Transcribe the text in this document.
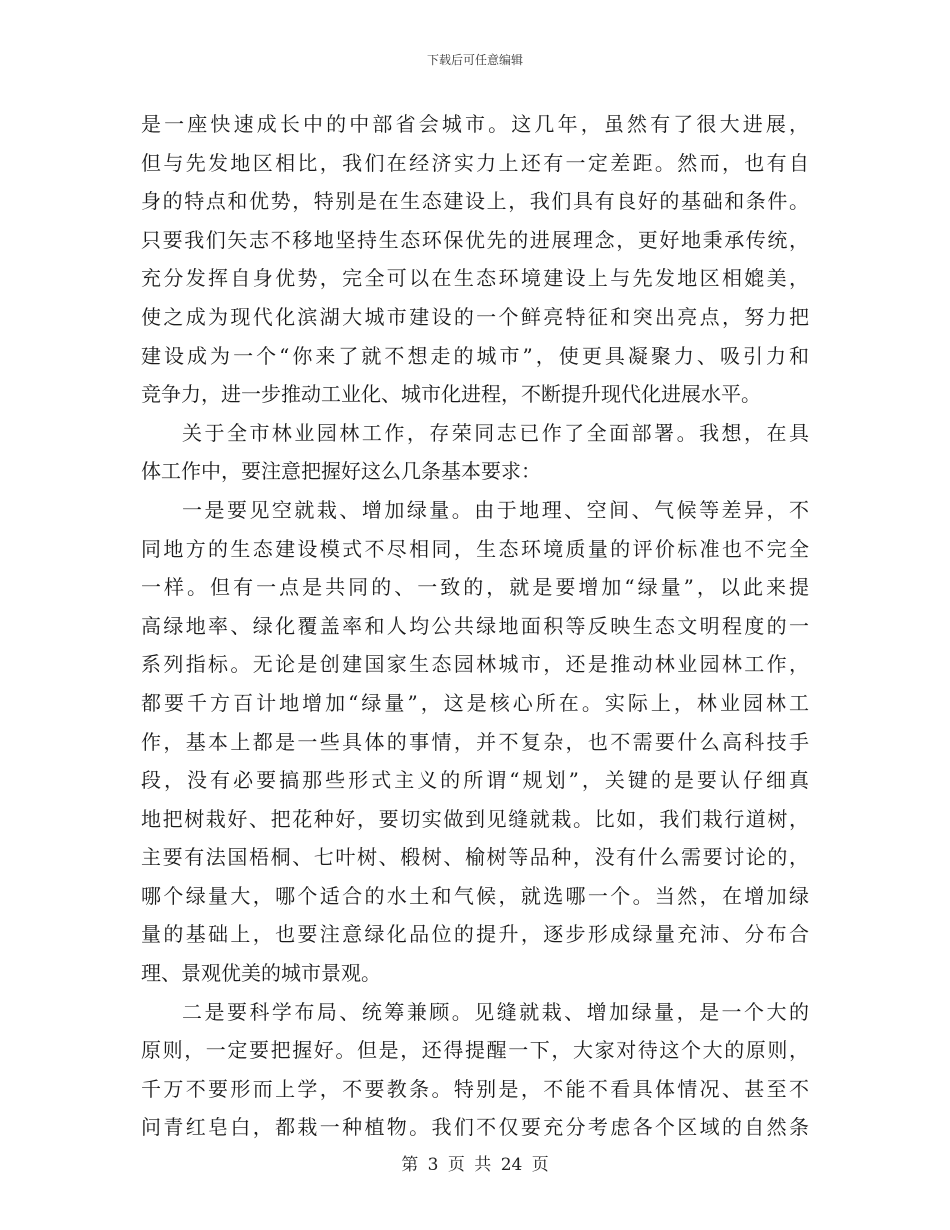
下载后可任意编辑
是一座快速成长中的中部省会城市。这几年，虽然有了很大进展，
但与先发地区相比，我们在经济实力上还有一定差距。然而，也有自
身的特点和优势，特别是在生态建设上，我们具有良好的基础和条件。
只要我们矢志不移地坚持生态环保优先的进展理念，更好地秉承传统，
充分发挥自身优势，完全可以在生态环境建设上与先发地区相媲美，
使之成为现代化滨湖大城市建设的一个鲜亮特征和突出亮点，努力把
建设成为一个“你来了就不想走的城市”，使更具凝聚力、吸引力和
竞争力，进一步推动工业化、城市化进程，不断提升现代化进展水平。
关于全市林业园林工作，存荣同志已作了全面部署。我想，在具
体工作中，要注意把握好这么几条基本要求：
一是要见空就栽、增加绿量。由于地理、空间、气候等差异，不
同地方的生态建设模式不尽相同，生态环境质量的评价标准也不完全
一样。但有一点是共同的、一致的，就是要增加“绿量”，以此来提
高绿地率、绿化覆盖率和人均公共绿地面积等反映生态文明程度的一
系列指标。无论是创建国家生态园林城市，还是推动林业园林工作，
都要千方百计地增加“绿量”，这是核心所在。实际上，林业园林工
作，基本上都是一些具体的事情，并不复杂，也不需要什么高科技手
段，没有必要搞那些形式主义的所谓“规划”，关键的是要认仔细真
地把树栽好、把花种好，要切实做到见缝就栽。比如，我们栽行道树，
主要有法国梧桐、七叶树、椴树、榆树等品种，没有什么需要讨论的，
哪个绿量大，哪个适合的水土和气候，就选哪一个。当然，在增加绿
量的基础上，也要注意绿化品位的提升，逐步形成绿量充沛、分布合
理、景观优美的城市景观。
二是要科学布局、统筹兼顾。见缝就栽、增加绿量，是一个大的
原则，一定要把握好。但是，还得提醒一下，大家对待这个大的原则，
千万不要形而上学，不要教条。特别是，不能不看具体情况、甚至不
问青红皂白，都栽一种植物。我们不仅要充分考虑各个区域的自然条
第 3 页 共 24 页
